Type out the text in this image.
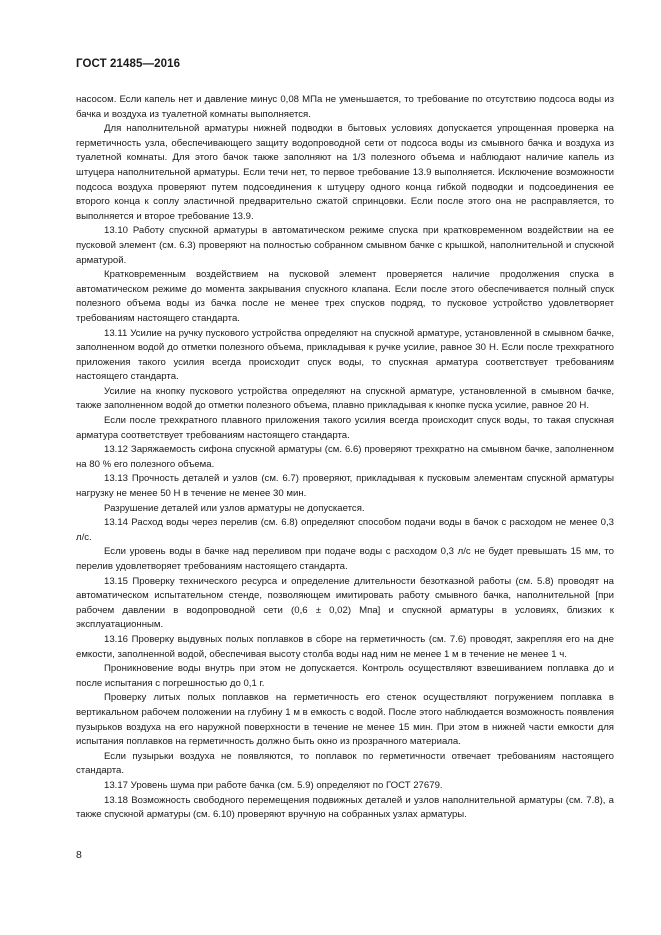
ГОСТ 21485—2016

насосом. Если капель нет и давление минус 0,08 МПа не уменьшается, то требование по отсутствию подсоса воды из бачка и воздуха из туалетной комнаты выполняется.

Для наполнительной арматуры нижней подводки в бытовых условиях допускается упрощенная проверка на герметичность узла, обеспечивающего защиту водопроводной сети от подсоса воды из смывного бачка и воздуха из туалетной комнаты. Для этого бачок также заполняют на 1/3 полезного объема и наблюдают наличие капель из штуцера наполнительной арматуры. Если течи нет, то первое требование 13.9 выполняется. Исключение возможности подсоса воздуха проверяют путем подсоединения к штуцеру одного конца гибкой подводки и подсоединения ее второго конца к соплу эластичной предварительно сжатой спринцовки. Если после этого она не расправляется, то выполняется и второе требование 13.9.

13.10 Работу спускной арматуры в автоматическом режиме спуска при кратковременном воздействии на ее пусковой элемент (см. 6.3) проверяют на полностью собранном смывном бачке с крышкой, наполнительной и спускной арматурой.

Кратковременным воздействием на пусковой элемент проверяется наличие продолжения спуска в автоматическом режиме до момента закрывания спускного клапана. Если после этого обеспечивается полный спуск полезного объема воды из бачка после не менее трех спусков подряд, то пусковое устройство удовлетворяет требованиям настоящего стандарта.

13.11 Усилие на ручку пускового устройства определяют на спускной арматуре, установленной в смывном бачке, заполненном водой до отметки полезного объема, прикладывая к ручке усилие, равное 30 Н. Если после трехкратного приложения такого усилия всегда происходит спуск воды, то спускная арматура соответствует требованиям настоящего стандарта.

Усилие на кнопку пускового устройства определяют на спускной арматуре, установленной в смывном бачке, также заполненном водой до отметки полезного объема, плавно прикладывая к кнопке пуска усилие, равное 20 Н.

Если после трехкратного плавного приложения такого усилия всегда происходит спуск воды, то такая спускная арматура соответствует требованиям настоящего стандарта.

13.12 Заряжаемость сифона спускной арматуры (см. 6.6) проверяют трехкратно на смывном бачке, заполненном на 80 % его полезного объема.

13.13 Прочность деталей и узлов (см. 6.7) проверяют, прикладывая к пусковым элементам спускной арматуры нагрузку не менее 50 Н в течение не менее 30 мин.

Разрушение деталей или узлов арматуры не допускается.

13.14 Расход воды через перелив (см. 6.8) определяют способом подачи воды в бачок с расходом не менее 0,3 л/с.

Если уровень воды в бачке над переливом при подаче воды с расходом 0,3 л/с не будет превышать 15 мм, то перелив удовлетворяет требованиям настоящего стандарта.

13.15 Проверку технического ресурса и определение длительности безотказной работы (см. 5.8) проводят на автоматическом испытательном стенде, позволяющем имитировать работу смывного бачка, наполнительной [при рабочем давлении в водопроводной сети (0,6 ± 0,02) Мпа] и спускной арматуры в условиях, близких к эксплуатационным.

13.16 Проверку выдувных полых поплавков в сборе на герметичность (см. 7.6) проводят, закрепляя его на дне емкости, заполненной водой, обеспечивая высоту столба воды над ним не менее 1 м в течение не менее 1 ч.

Проникновение воды внутрь при этом не допускается. Контроль осуществляют взвешиванием поплавка до и после испытания с погрешностью до 0,1 г.

Проверку литых полых поплавков на герметичность его стенок осуществляют погружением поплавка в вертикальном рабочем положении на глубину 1 м в емкость с водой. После этого наблюдается возможность появления пузырьков воздуха на его наружной поверхности в течение не менее 15 мин. При этом в нижней части емкости для испытания поплавков на герметичность должно быть окно из прозрачного материала.

Если пузырьки воздуха не появляются, то поплавок по герметичности отвечает требованиям настоящего стандарта.

13.17 Уровень шума при работе бачка (см. 5.9) определяют по ГОСТ 27679.

13.18 Возможность свободного перемещения подвижных деталей и узлов наполнительной арматуры (см. 7.8), а также спускной арматуры (см. 6.10) проверяют вручную на собранных узлах арматуры.

8
